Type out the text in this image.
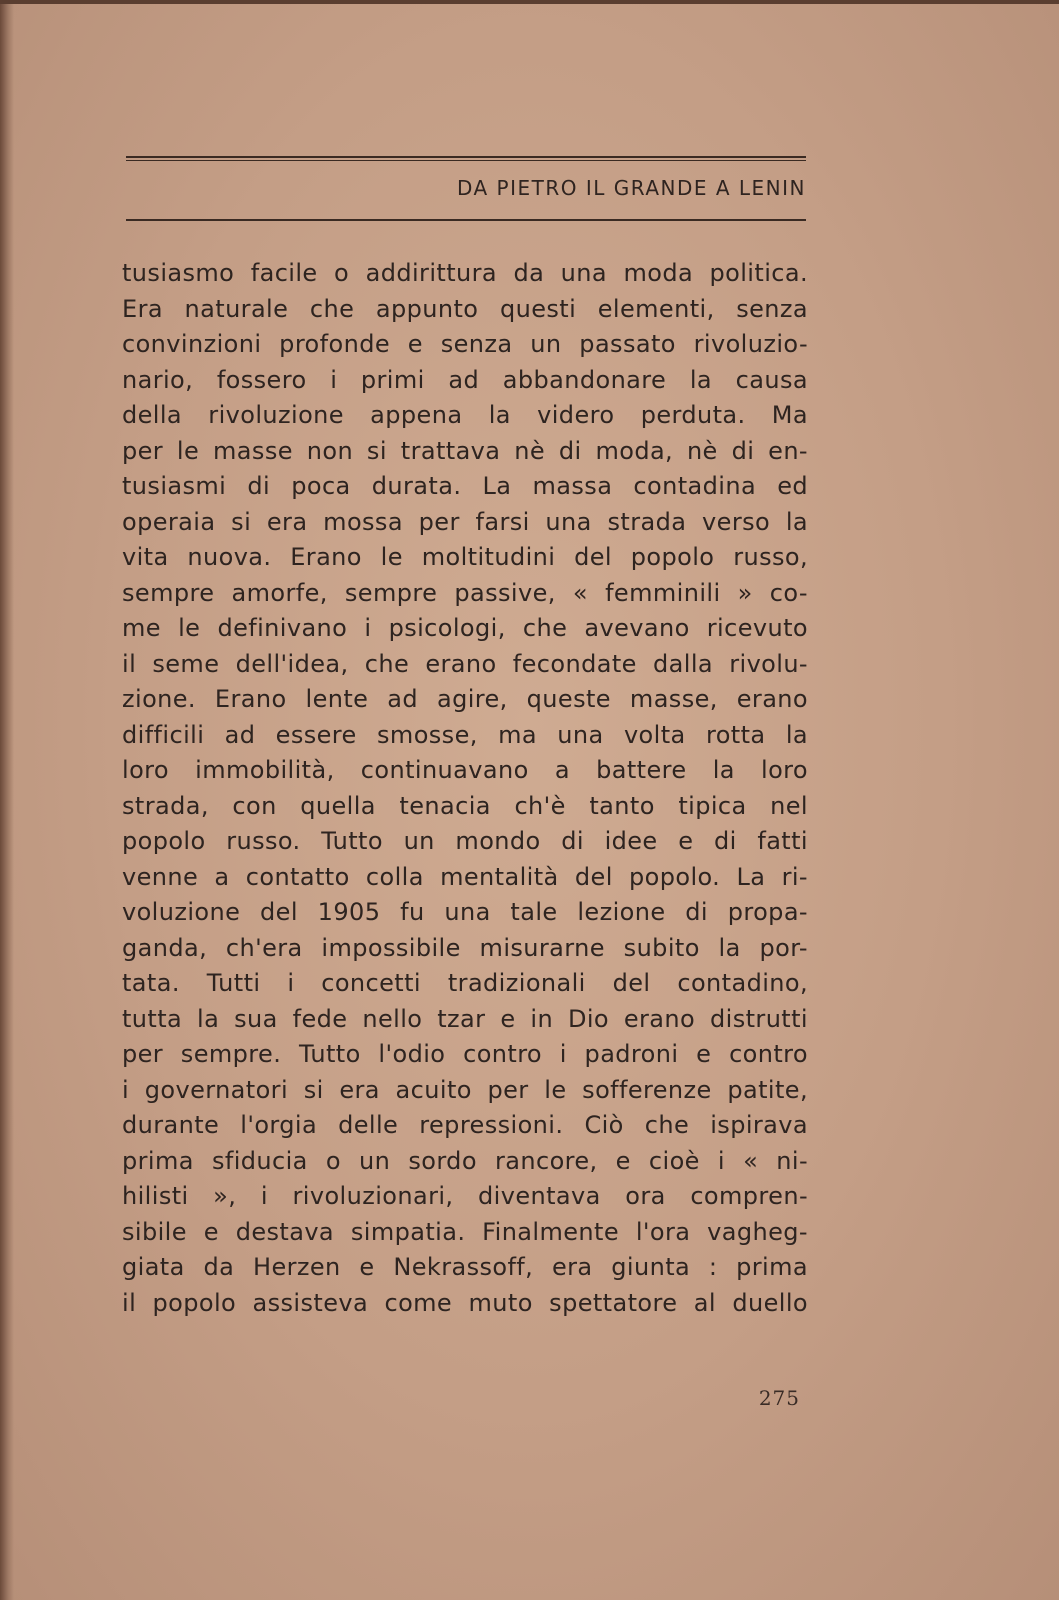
DA PIETRO IL GRANDE A LENIN
tusiasmo facile o addirittura da una moda politica.
Era naturale che appunto questi elementi, senza
convinzioni profonde e senza un passato rivoluzio-
nario, fossero i primi ad abbandonare la causa
della rivoluzione appena la videro perduta. Ma
per le masse non si trattava nè di moda, nè di en-
tusiasmi di poca durata. La massa contadina ed
operaia si era mossa per farsi una strada verso la
vita nuova. Erano le moltitudini del popolo russo,
sempre amorfe, sempre passive, « femminili » co-
me le definivano i psicologi, che avevano ricevuto
il seme dell'idea, che erano fecondate dalla rivolu-
zione. Erano lente ad agire, queste masse, erano
difficili ad essere smosse, ma una volta rotta la
loro immobilità, continuavano a battere la loro
strada, con quella tenacia ch'è tanto tipica nel
popolo russo. Tutto un mondo di idee e di fatti
venne a contatto colla mentalità del popolo. La ri-
voluzione del 1905 fu una tale lezione di propa-
ganda, ch'era impossibile misurarne subito la por-
tata. Tutti i concetti tradizionali del contadino,
tutta la sua fede nello tzar e in Dio erano distrutti
per sempre. Tutto l'odio contro i padroni e contro
i governatori si era acuito per le sofferenze patite,
durante l'orgia delle repressioni. Ciò che ispirava
prima sfiducia o un sordo rancore, e cioè i « ni-
hilisti », i rivoluzionari, diventava ora compren-
sibile e destava simpatia. Finalmente l'ora vagheg-
giata da Herzen e Nekrassoff, era giunta : prima
il popolo assisteva come muto spettatore al duello
275
